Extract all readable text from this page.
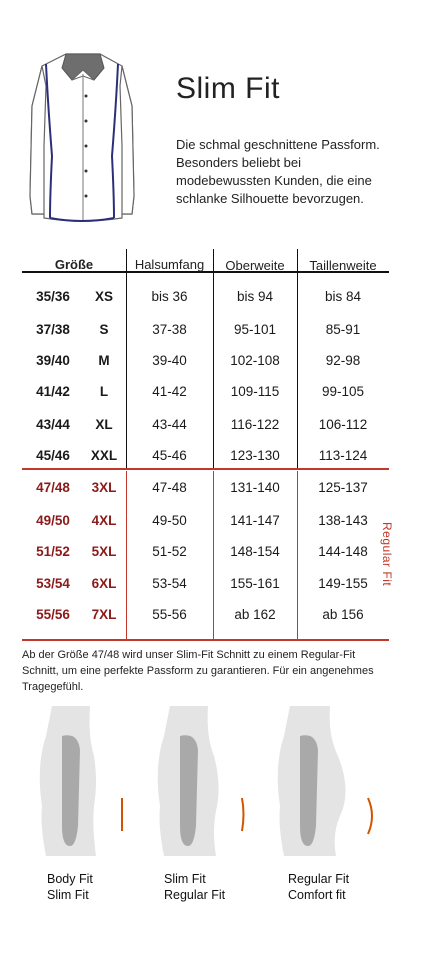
Slim Fit
Die schmal geschnittene Passform.
Besonders beliebt bei
modebewussten Kunden, die eine
schlanke Silhouette bevorzugen.
Größe	Halsumfang	Oberweite	Taillenweite
35/36	XS	bis 36	bis 94	bis 84
37/38	S	37-38	95-101	85-91
39/40	M	39-40	102-108	92-98
41/42	L	41-42	109-115	99-105
43/44	XL	43-44	116-122	106-112
45/46	XXL	45-46	123-130	113-124
47/48	3XL	47-48	131-140	125-137
49/50	4XL	49-50	141-147	138-143
51/52	5XL	51-52	148-154	144-148
53/54	6XL	53-54	155-161	149-155
55/56	7XL	55-56	ab 162	ab 156
Regular Fit
Ab der Größe 47/48 wird unser Slim-Fit Schnitt zu einem Regular-Fit
Schnitt, um eine perfekte Passform zu garantieren. Für ein angenehmes
Tragegefühl.
Body Fit
Slim Fit
Slim Fit
Regular Fit
Regular Fit
Comfort fit
